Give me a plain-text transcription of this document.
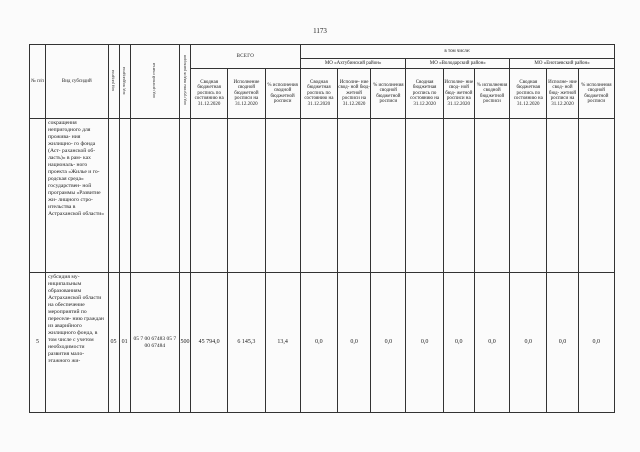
1173
№ п/п	Вид субсидий	код раздела	код подраздела	код целевой статьи	код группы видов расходов	ВСЕГО			в том числе:								
									МО «Ахтубинский район»			МО «Володарский район»			МО «Енотаевский район»		
						Сводная бюджетная роспись по состоянию на 31.12.2020	Исполнение сводной бюджетной росписи на 31.12.2020	% исполнения сводной бюджетной росписи	Сводная бюджетная роспись по состоянию на 31.12.2020	Исполне- ние свод- ной бюд- жетной росписи на 31.12.2020	% исполнения сводной бюджетной росписи	Сводная бюджетная роспись по состоянию на 31.12.2020	Исполне- ние свод- ной бюд- жетной росписи на 31.12.2020	% исполнения сводной бюджетной росписи	Сводная бюджетная роспись по состоянию на 31.12.2020	Исполне- ние свод- ной бюд- жетной росписи на 31.12.2020	% исполнения сводной бюджетной росписи
	сокращения непригодного для прожива- ния жилищно- го фонда (Аст- раханской об- ласть)» в рам- ках националь- ного проекта «Жилье и го- родская среда» государствен- ной программы «Развитие жи- лищного стро- ительства в Астраханской области»																
5	субсидия му- ниципальным образованиям Астраханской области на обеспечение мероприятий по переселе- нию граждан из аварийного жилищного фонда, в том числе с учетом необходимости развития мало- этажного жи-	05	01	05 7 00 67483 05 7 00 67484	500	45 794,0	6 145,3	13,4	0,0	0,0	0,0	0,0	0,0	0,0	0,0	0,0	0,0
